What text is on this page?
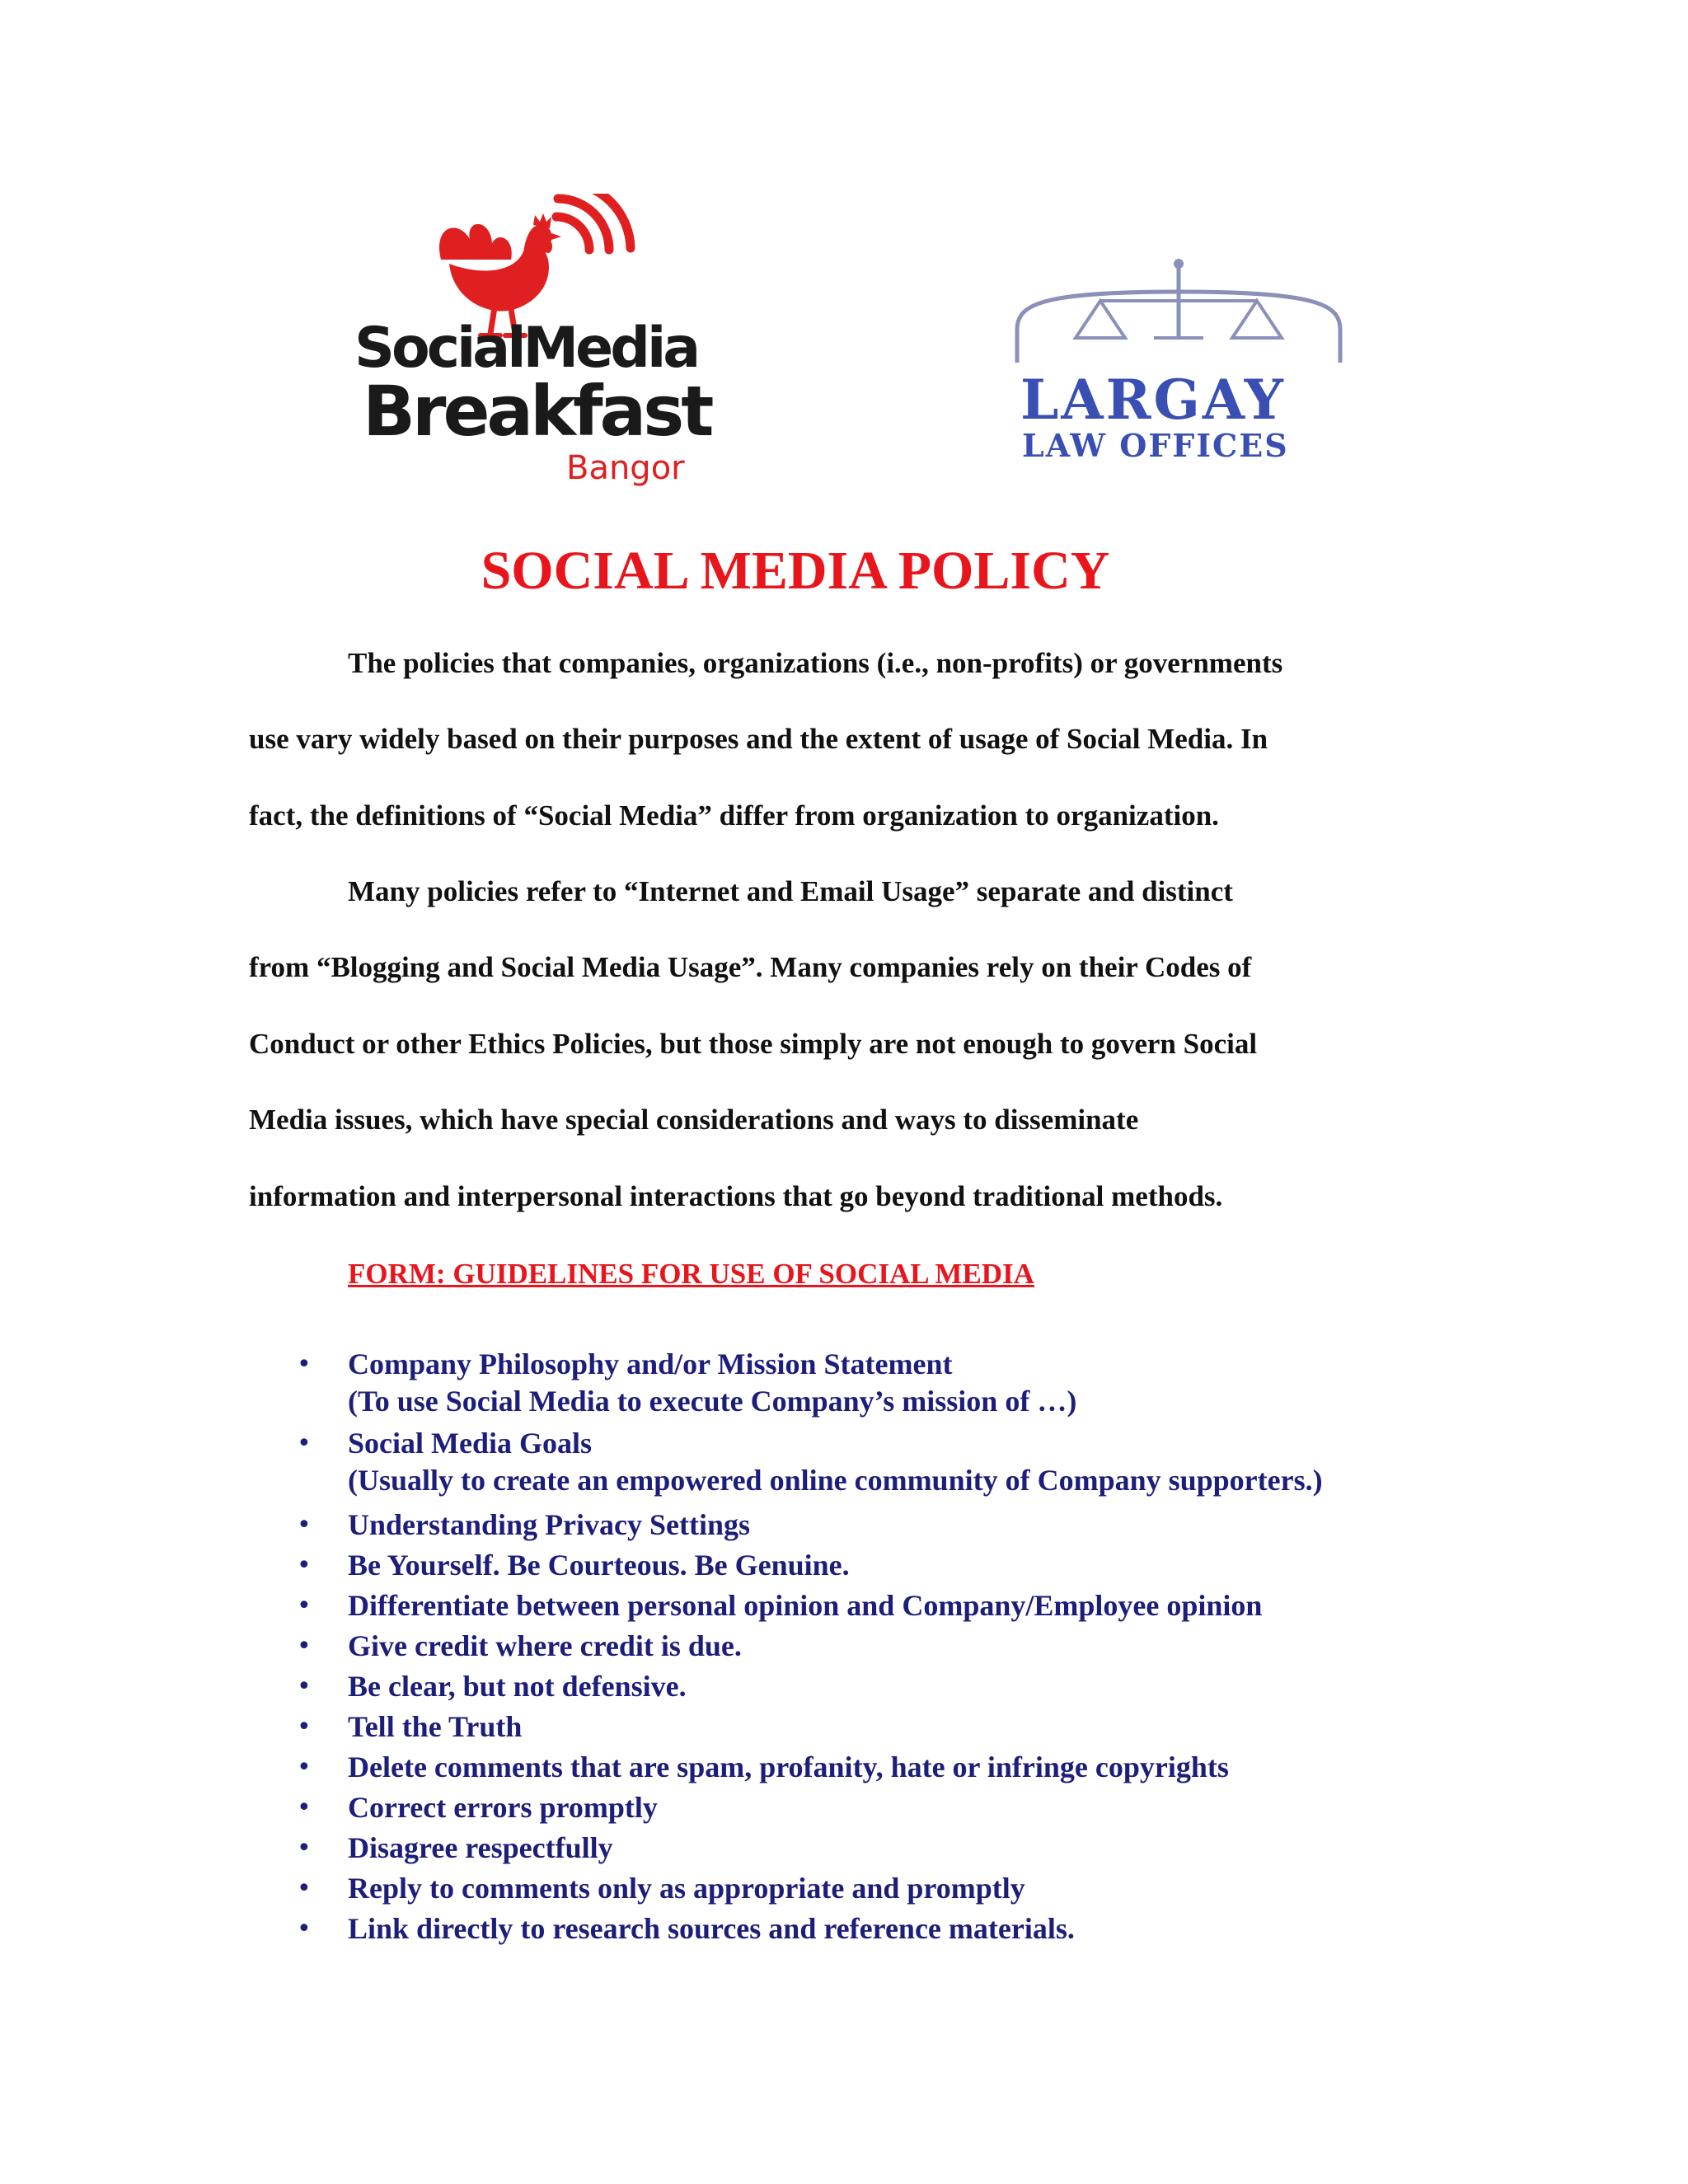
SocialMedia
Breakfast
Bangor
LARGAY
LAW OFFICES
SOCIAL MEDIA POLICY
The policies that companies, organizations (i.e., non-profits) or governments
use vary widely based on their purposes and the extent of usage of Social Media. In
fact, the definitions of “Social Media” differ from organization to organization.
Many policies refer to “Internet and Email Usage” separate and distinct
from “Blogging and Social Media Usage”. Many companies rely on their Codes of
Conduct or other Ethics Policies, but those simply are not enough to govern Social
Media issues, which have special considerations and ways to disseminate
information and interpersonal interactions that go beyond traditional methods.
FORM: GUIDELINES FOR USE OF SOCIAL MEDIA
• Company Philosophy and/or Mission Statement
(To use Social Media to execute Company’s mission of …)
• Social Media Goals
(Usually to create an empowered online community of Company supporters.)
• Understanding Privacy Settings
• Be Yourself. Be Courteous. Be Genuine.
• Differentiate between personal opinion and Company/Employee opinion
• Give credit where credit is due.
• Be clear, but not defensive.
• Tell the Truth
• Delete comments that are spam, profanity, hate or infringe copyrights
• Correct errors promptly
• Disagree respectfully
• Reply to comments only as appropriate and promptly
• Link directly to research sources and reference materials.
